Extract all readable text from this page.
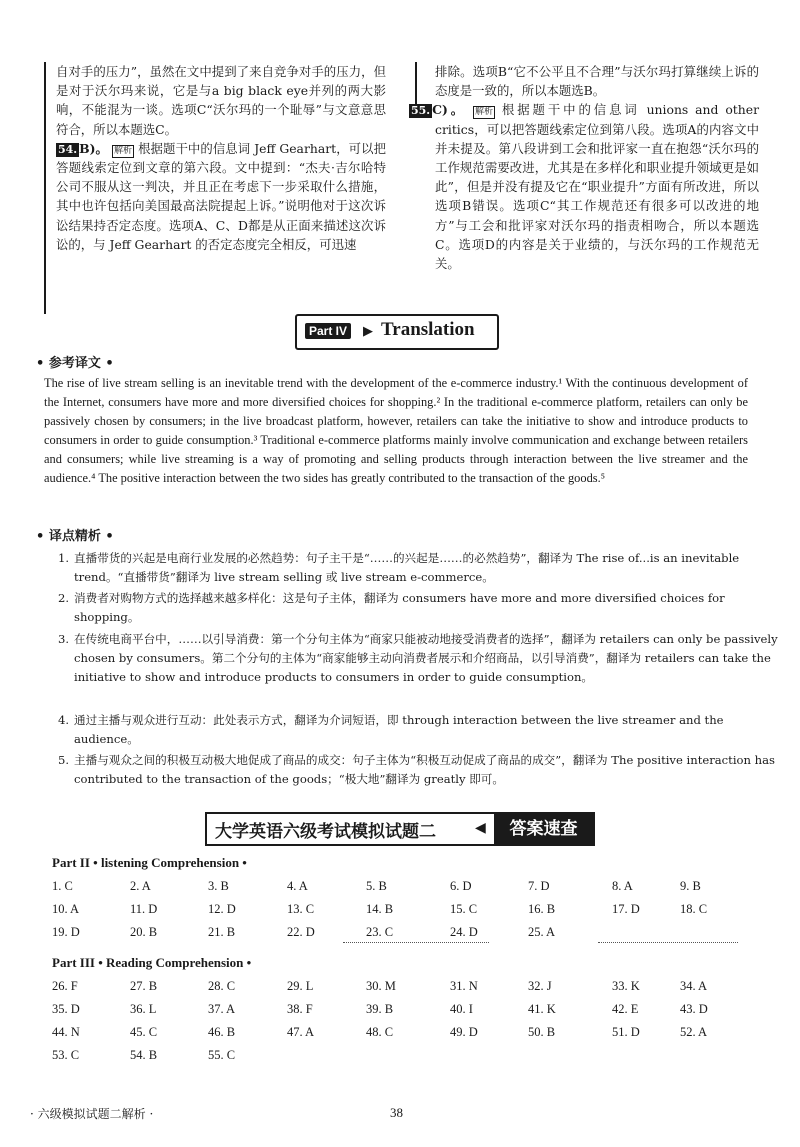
自对手的压力”，虽然在文中提到了来自竞争对手的压力，但是对于沃尔玛来说，它是与a big black eye并列的两大影响，不能混为一谈。选项C“沃尔玛的一个耻辱”与文意意思符合，所以本题选C。

54. B)。 解析 根据题干中的信息词 Jeff Gearhart，可以把答题线索定位到文章的第六段。文中提到：“杰夫·吉尔哈特公司不服从这一判决，并且正在考虑下一步采取什么措施，其中也许包括向美国最高法院提起上诉。”说明他对于这次诉讼结果持否定态度。选项A、C、D都是从正面来描述这次诉讼的，与 Jeff Gearhart 的否定态度完全相反，可迅速

排除。选项B“它不公平且不合理”与沃尔玛打算继续上诉的态度是一致的，所以本题选B。

55. C)。 解析 根据题干中的信息词 unions and other critics，可以把答题线索定位到第八段。选项A的内容文中并未提及。第八段讲到工会和批评家一直在抱怨“沃尔玛的工作规范需要改进，尤其是在多样化和职业提升领域更是如此”，但是并没有提及它在“职业提升”方面有所改进，所以选项B错误。选项C“其工作规范还有很多可以改进的地方”与工会和批评家对沃尔玛的指责相吻合，所以本题选C。选项D的内容是关于业绩的，与沃尔玛的工作规范无关。

Part IV	▶ Translation
• 参考译文 •

The rise of live stream selling is an inevitable trend with the development of the e-commerce industry.¹ With the continuous development of the Internet, consumers have more and more diversified choices for shopping.² In the traditional e-commerce platform, retailers can only be passively chosen by consumers; in the live broadcast platform, however, retailers can take the initiative to show and introduce products to consumers in order to guide consumption.³ Traditional e-commerce platforms mainly involve communication and exchange between retailers and consumers; while live streaming is a way of promoting and selling products through interaction between the live streamer and the audience.⁴ The positive interaction between the two sides has greatly contributed to the transaction of the goods.⁵

• 译点精析 •
1. 直播带货的兴起是电商行业发展的必然趋势：句子主干是“……的兴起是……的必然趋势”，翻译为 The rise of...is an inevitable trend。“直播带货”翻译为 live stream selling 或 live stream e-commerce。
2. 消费者对购物方式的选择越来越多样化：这是句子主体，翻译为 consumers have more and more diversified choices for shopping。
3. 在传统电商平台中，……以引导消费：第一个分句主体为“商家只能被动地接受消费者的选择”，翻译为 retailers can only be passively chosen by consumers。第二个分句的主体为“商家能够主动向消费者展示和介绍商品，以引导消费”，翻译为 retailers can take the initiative to show and introduce products to consumers in order to guide consumption。
4. 通过主播与观众进行互动：此处表示方式，翻译为介词短语，即 through interaction between the live streamer and the audience。
5. 主播与观众之间的积极互动极大地促成了商品的成交：句子主体为“积极互动促成了商品的成交”，翻译为 The positive interaction has contributed to the transaction of the goods；“极大地”翻译为 greatly 即可。
大学英语六级考试模拟试题二	◀	答案速查
Part II • listening Comprehension •
1. C	2. A	3. B	4. A	5. B	6. D	7. D	8. A	9. B
10. A	11. D	12. D	13. C	14. B	15. C	16. B	17. D	18. C
19. D	20. B	21. B	22. D	23. C	24. D	25. A
Part III • Reading Comprehension •
26. F	27. B	28. C	29. L	30. M	31. N	32. J	33. K	34. A
35. D	36. L	37. A	38. F	39. B	40. I	41. K	42. E	43. D
44. N	45. C	46. B	47. A	48. C	49. D	50. B	51. D	52. A
53. C	54. B	55. C
· 六级模拟试题二解析 ·	38
